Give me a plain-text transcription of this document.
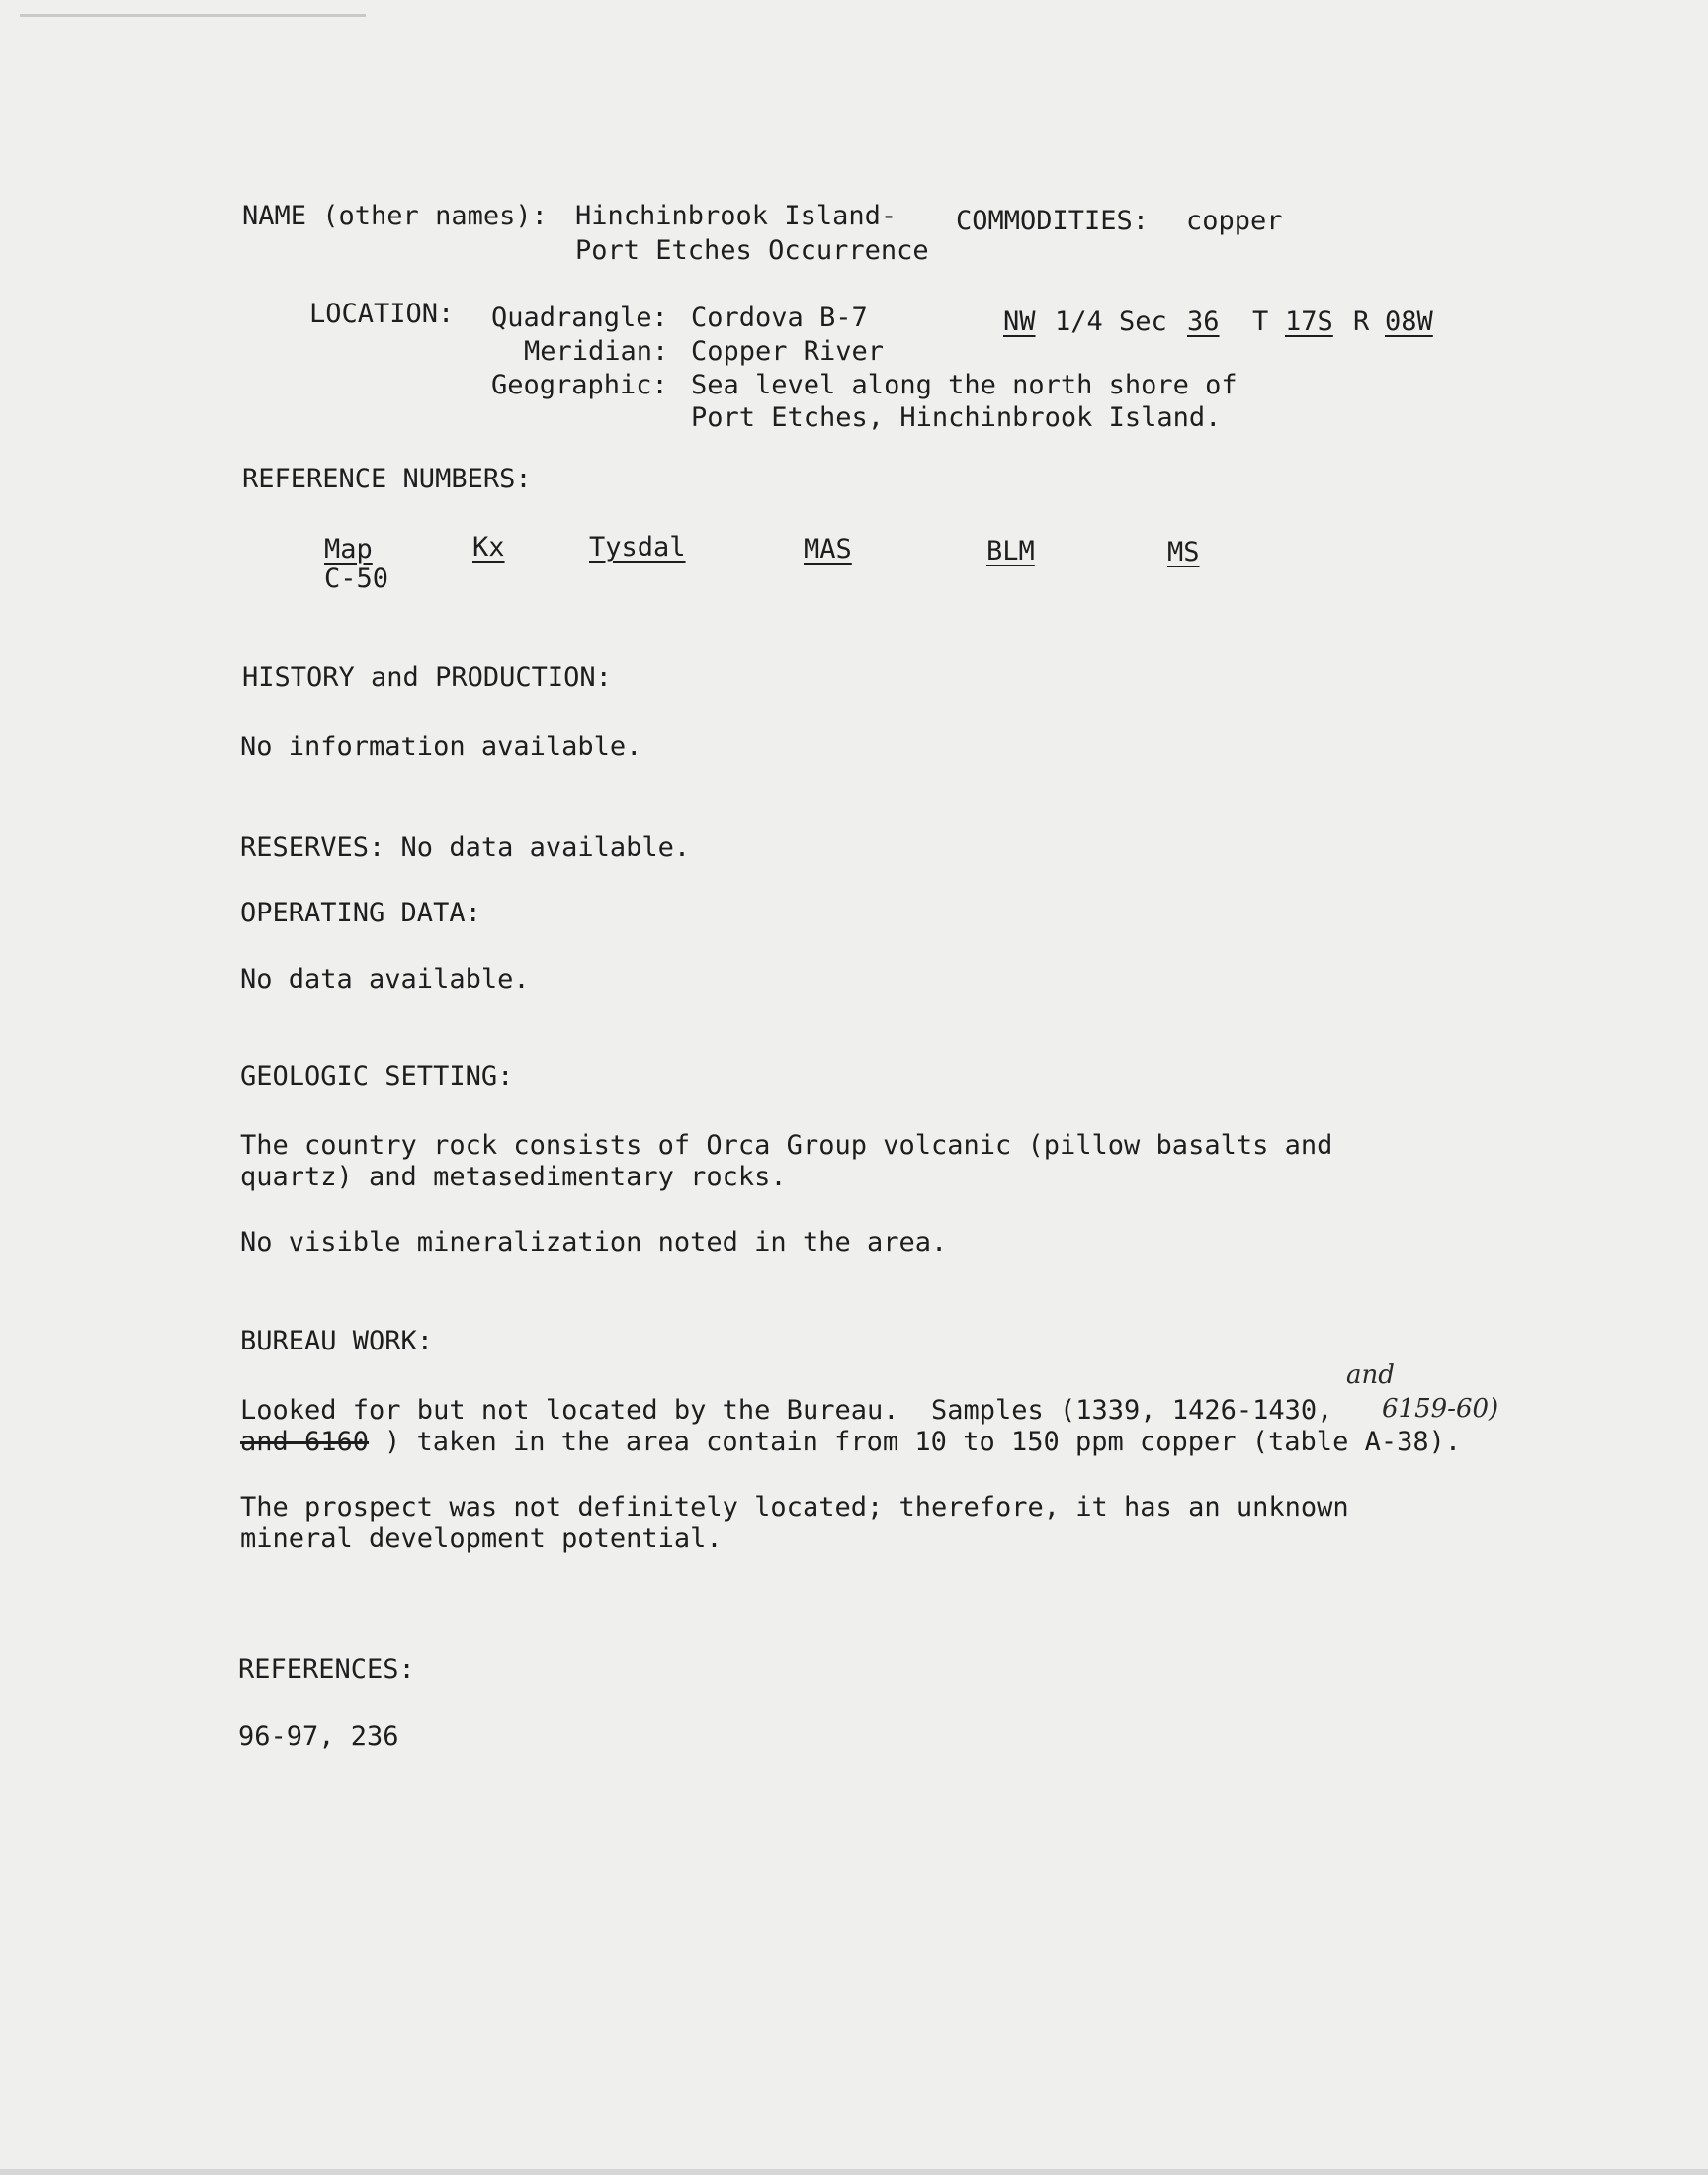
NAME (other names): Hinchinbrook Island-
Port Etches Occurrence
COMMODITIES: copper
LOCATION: Quadrangle: Cordova B-7
Meridian: Copper River
Geographic: Sea level along the north shore of
Port Etches, Hinchinbrook Island.
NW 1/4 Sec 36 T 17S R 08W
REFERENCE NUMBERS:
Map
C-50
Kx	Tysdal	MAS	BLM	MS
HISTORY and PRODUCTION:
No information available.
RESERVES: No data available.
OPERATING DATA:
No data available.
GEOLOGIC SETTING:
The country rock consists of Orca Group volcanic (pillow basalts and
quartz) and metasedimentary rocks.
No visible mineralization noted in the area.
BUREAU WORK:
Looked for but not located by the Bureau.  Samples (1339, 1426-1430,
and
6159-60)
and 6160 ) taken in the area contain from 10 to 150 ppm copper (table A-38).
The prospect was not definitely located; therefore, it has an unknown
mineral development potential.
REFERENCES:
96-97, 236
